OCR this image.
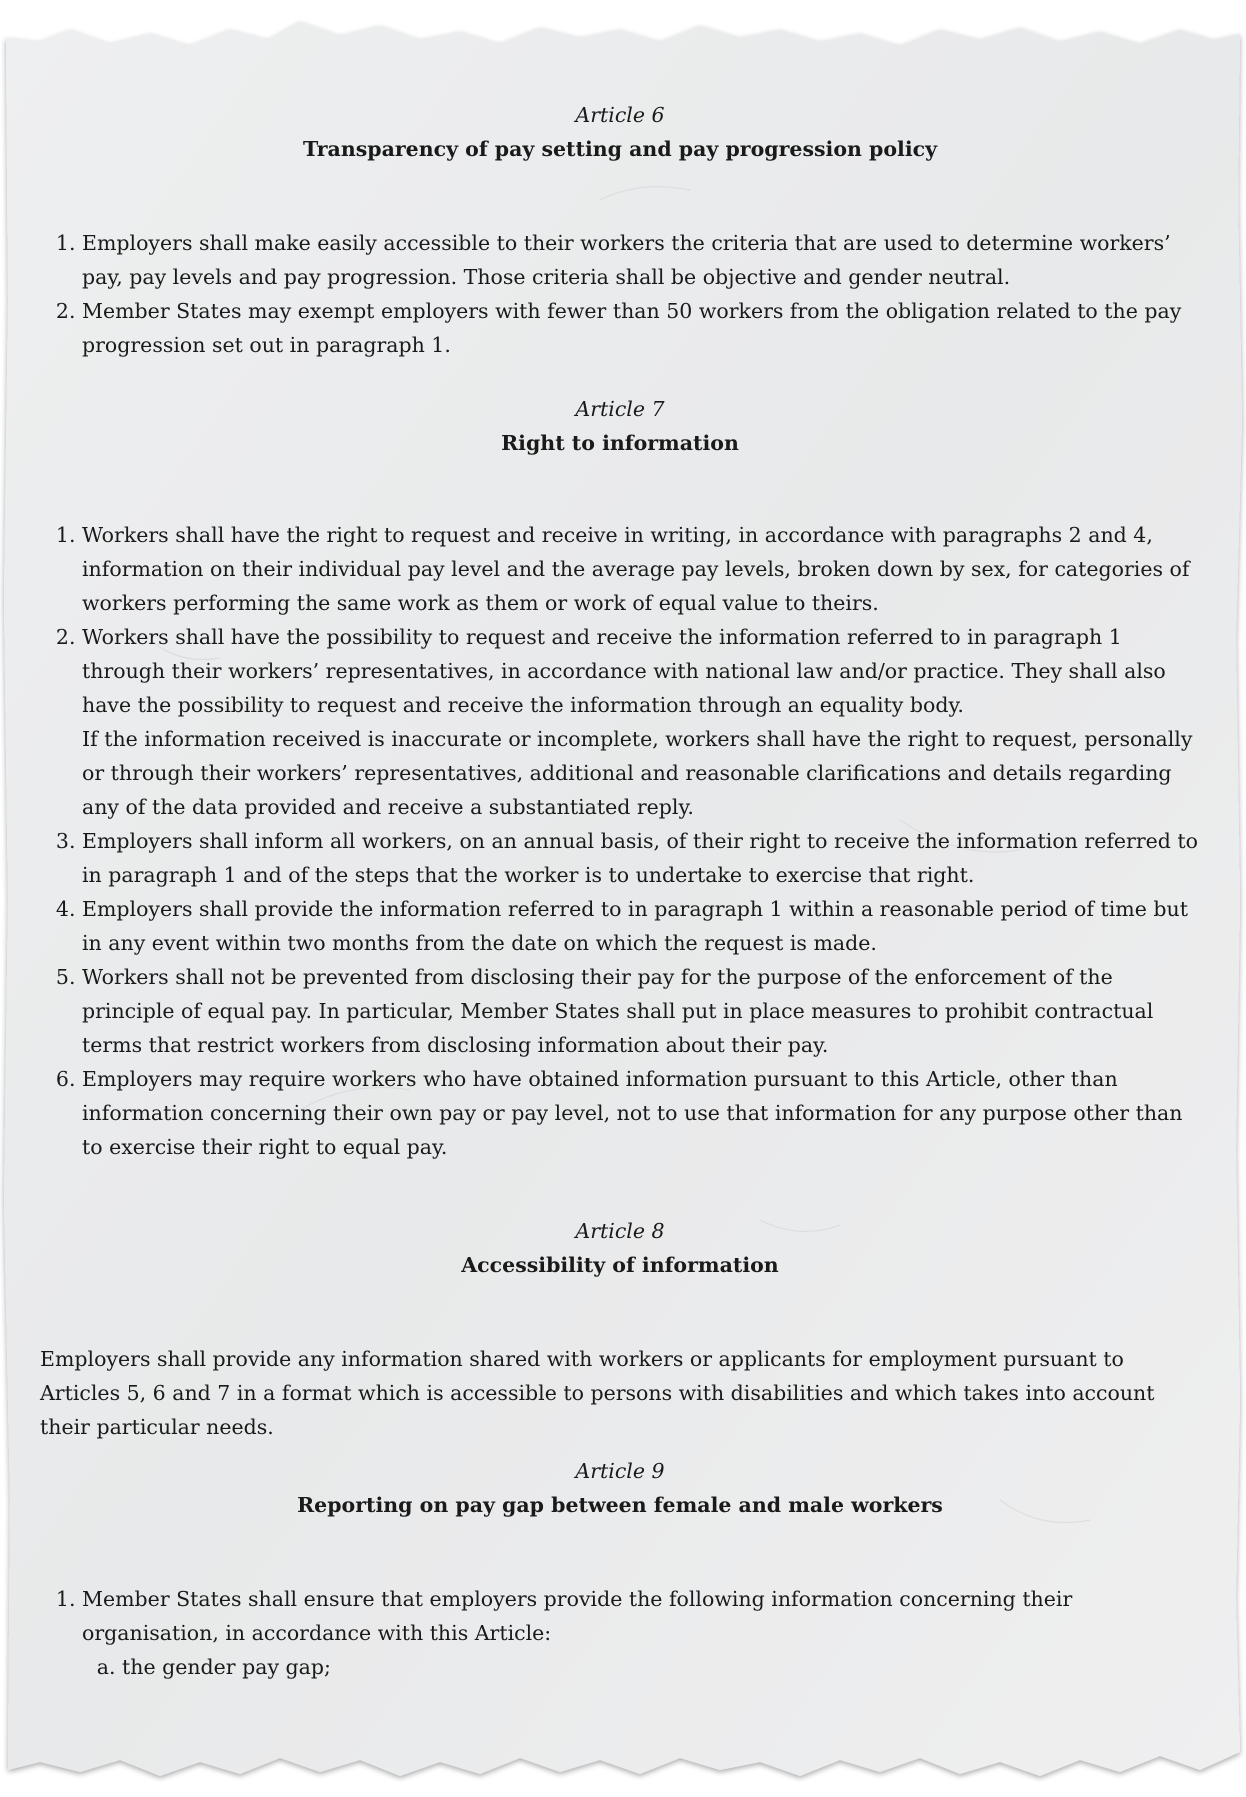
Article 6

Transparency of pay setting and pay progression policy

1. Employers shall make easily accessible to their workers the criteria that are used to determine workers’ pay, pay levels and pay progression. Those criteria shall be objective and gender neutral.
2. Member States may exempt employers with fewer than 50 workers from the obligation related to the pay progression set out in paragraph 1.

Article 7

Right to information

1. Workers shall have the right to request and receive in writing, in accordance with paragraphs 2 and 4, information on their individual pay level and the average pay levels, broken down by sex, for categories of workers performing the same work as them or work of equal value to theirs.
2. Workers shall have the possibility to request and receive the information referred to in paragraph 1 through their workers’ representatives, in accordance with national law and/or practice. They shall also have the possibility to request and receive the information through an equality body.
If the information received is inaccurate or incomplete, workers shall have the right to request, personally or through their workers’ representatives, additional and reasonable clarifications and details regarding any of the data provided and receive a substantiated reply.
3. Employers shall inform all workers, on an annual basis, of their right to receive the information referred to in paragraph 1 and of the steps that the worker is to undertake to exercise that right.
4. Employers shall provide the information referred to in paragraph 1 within a reasonable period of time but in any event within two months from the date on which the request is made.
5. Workers shall not be prevented from disclosing their pay for the purpose of the enforcement of the principle of equal pay. In particular, Member States shall put in place measures to prohibit contractual terms that restrict workers from disclosing information about their pay.
6. Employers may require workers who have obtained information pursuant to this Article, other than information concerning their own pay or pay level, not to use that information for any purpose other than to exercise their right to equal pay.

Article 8

Accessibility of information

Employers shall provide any information shared with workers or applicants for employment pursuant to Articles 5, 6 and 7 in a format which is accessible to persons with disabilities and which takes into account their particular needs.

Article 9

Reporting on pay gap between female and male workers

1. Member States shall ensure that employers provide the following information concerning their organisation, in accordance with this Article:
a. the gender pay gap;
